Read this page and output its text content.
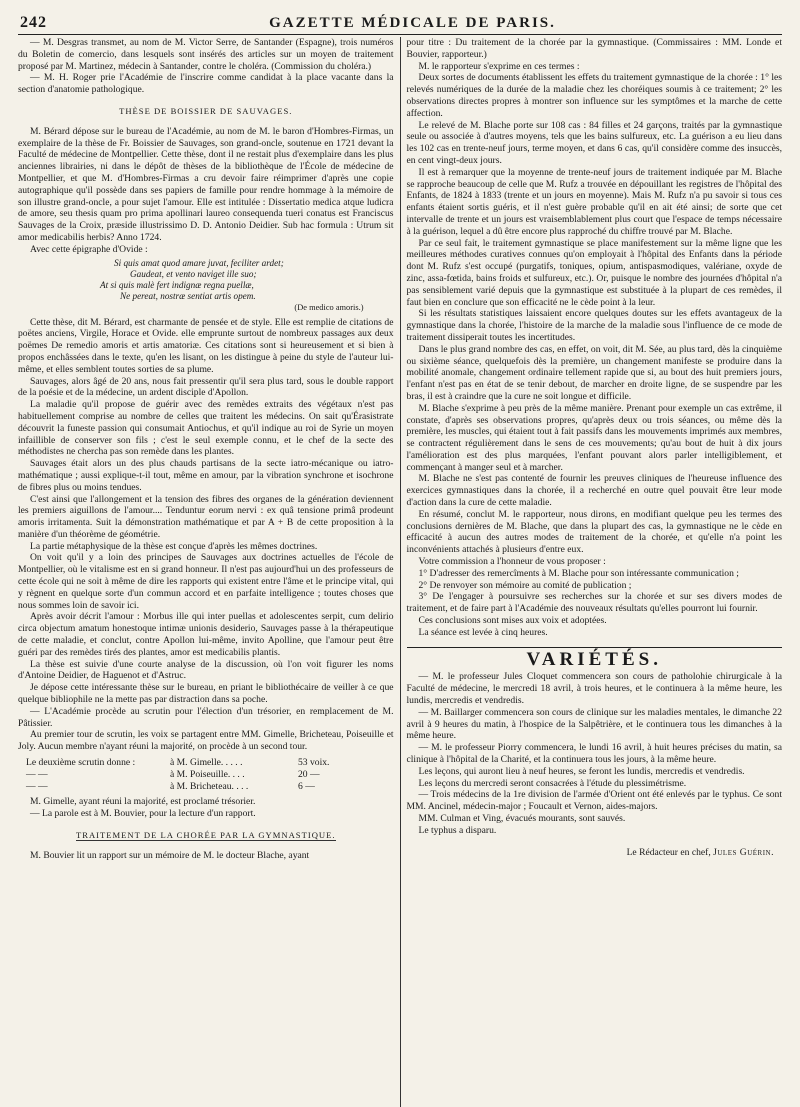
242	GAZETTE MÉDICALE DE PARIS.

— M. Desgras transmet, au nom de M. Victor Serre, de Santander (Espagne), trois numéros du Boletin de comercio, dans lesquels sont insérés des articles sur un moyen de traitement proposé par M. Martinez, médecin à Santander, contre le choléra. (Commission du choléra.)

— M. H. Roger prie l'Académie de l'inscrire comme candidat à la place vacante dans la section d'anatomie pathologique.

THÈSE DE BOISSIER DE SAUVAGES.

M. Bérard dépose sur le bureau de l'Académie, au nom de M. le baron d'Hombres-Firmas, un exemplaire de la thèse de Fr. Boissier de Sauvages, son grand-oncle, soutenue en 1721 devant la Faculté de médecine de Montpellier. Cette thèse, dont il ne restait plus d'exemplaire dans les plus anciennes librairies, ni dans le dépôt de thèses de la bibliothèque de l'École de médecine de Montpellier, et que M. d'Hombres-Firmas a cru devoir faire réimprimer d'après une copie autographique qu'il possède dans ses papiers de famille pour rendre hommage à la mémoire de son illustre grand-oncle, a pour sujet l'amour. Elle est intitulée : Dissertatio medica atque ludicra de amore, seu thesis quam pro prima apollinari laureo consequenda tueri conatus est Franciscus Sauvages de la Croix, præside illustrissimo D. D. Antonio Deidier. Sub hac formula : Utrum sit amor medicabilis herbis? Anno 1724.

Avec cette épigraphe d'Ovide :

Si quis amat quod amare juvat, feciliter ardet;
Gaudeat, et vento naviget ille suo;
At si quis malè fert indignæ regna puellæ,
Ne pereat, nostræ sentiat artis opem.
(De medico amoris.)

Cette thèse, dit M. Bérard, est charmante de pensée et de style. Elle est remplie de citations de poëtes anciens, Virgile, Horace et Ovide. elle emprunte surtout de nombreux passages aux deux poëmes De remedio amoris et artis amatoriæ. Ces citations sont si heureusement et si bien à propos enchâssées dans le texte, qu'en les lisant, on les distingue à peine du style de l'auteur lui-même, et elles semblent toutes sorties de sa plume.

Sauvages, alors âgé de 20 ans, nous fait pressentir qu'il sera plus tard, sous le double rapport de la poésie et de la médecine, un ardent disciple d'Apollon.

La maladie qu'il propose de guérir avec des remèdes extraits des végétaux n'est pas habituellement comprise au nombre de celles que traitent les médecins. On sait qu'Érasistrate découvrit la funeste passion qui consumait Antiochus, et qu'il indique au roi de Syrie un moyen infaillible de conserver son fils ; c'est le seul exemple connu, et le chef de la secte des méthodistes ne chercha pas son remède dans les plantes.

Sauvages était alors un des plus chauds partisans de la secte iatro-mécanique ou iatro-mathématique ; aussi explique-t-il tout, même en amour, par la vibration synchrone et isochrone de fibres plus ou moins tendues.

C'est ainsi que l'allongement et la tension des fibres des organes de la génération deviennent les premiers aiguillons de l'amour.... Tenduntur eorum nervi : ex quâ tensione primâ prodeunt amoris irritamenta. Suit la démonstration mathématique et par A + B de cette proposition à la manière d'un théorème de géométrie.

La partie métaphysique de la thèse est conçue d'après les mêmes doctrines.

On voit qu'il y a loin des principes de Sauvages aux doctrines actuelles de l'école de Montpellier, où le vitalisme est en si grand honneur. Il n'est pas aujourd'hui un des professeurs de cette école qui ne soit à même de dire les rapports qui existent entre l'âme et le principe vital, qui y règnent en quelque sorte d'un commun accord et en parfaite intelligence ; toutes choses que nous sommes loin de savoir ici.

Après avoir décrit l'amour : Morbus ille qui inter puellas et adolescentes serpit, cum delirio circa objectum amatum honestoque intimæ unionis desiderio, Sauvages passe à la thérapeutique de cette maladie, et conclut, contre Apollon lui-même, invito Apolline, que l'amour peut être guéri par des remèdes tirés des plantes, amor est medicabilis plantis.

La thèse est suivie d'une courte analyse de la discussion, où l'on voit figurer les noms d'Antoine Deidier, de Haguenot et d'Astruc.

Je dépose cette intéressante thèse sur le bureau, en priant le bibliothécaire de veiller à ce que quelque bibliophile ne la mette pas par distraction dans sa poche.

— L'Académie procède au scrutin pour l'élection d'un trésorier, en remplacement de M. Pâtissier.

Au premier tour de scrutin, les voix se partagent entre MM. Gimelle, Bricheteau, Poiseuille et Joly. Aucun membre n'ayant réuni la majorité, on procède à un second tour.

Le deuxième scrutin donne :	à M. Gimelle. . . . .	53 voix.
— —	à M. Poiseuille. . . .	20 —
— —	à M. Bricheteau. . . .	6 —

M. Gimelle, ayant réuni la majorité, est proclamé trésorier.

— La parole est à M. Bouvier, pour la lecture d'un rapport.

TRAITEMENT DE LA CHORÉE PAR LA GYMNASTIQUE.

M. Bouvier lit un rapport sur un mémoire de M. le docteur Blache, ayant

pour titre : Du traitement de la chorée par la gymnastique. (Commissaires : MM. Londe et Bouvier, rapporteur.)

M. le rapporteur s'exprime en ces termes :

Deux sortes de documents établissent les effets du traitement gymnastique de la chorée : 1° les relevés numériques de la durée de la maladie chez les choréiques soumis à ce traitement; 2° les observations directes propres à montrer son influence sur les symptômes et la marche de cette affection.

Le relevé de M. Blache porte sur 108 cas : 84 filles et 24 garçons, traités par la gymnastique seule ou associée à d'autres moyens, tels que les bains sulfureux, etc. La guérison a eu lieu dans les 102 cas en trente-neuf jours, terme moyen, et dans 6 cas, qu'il considère comme des insuccès, en cent vingt-deux jours.

Il est à remarquer que la moyenne de trente-neuf jours de traitement indiquée par M. Blache se rapproche beaucoup de celle que M. Rufz a trouvée en dépouillant les registres de l'hôpital des Enfants, de 1824 à 1833 (trente et un jours en moyenne). Mais M. Rufz n'a pu savoir si tous ces enfants étaient sortis guéris, et il n'est guère probable qu'il en ait été ainsi; de sorte que cet intervalle de trente et un jours est vraisemblablement plus court que l'espace de temps nécessaire à la guérison, lequel a dû être encore plus rapproché du chiffre trouvé par M. Blache.

Par ce seul fait, le traitement gymnastique se place manifestement sur la même ligne que les meilleures méthodes curatives connues qu'on employait à l'hôpital des Enfants dans la période dont M. Rufz s'est occupé (purgatifs, toniques, opium, antispasmodiques, valériane, oxyde de zinc, assa-fœtida, bains froids et sulfureux, etc.). Or, puisque le nombre des journées d'hôpital n'a pas sensiblement varié depuis que la gymnastique est substituée à la plupart de ces remèdes, il faut bien en conclure que son efficacité ne le cède point à la leur.

Si les résultats statistiques laissaient encore quelques doutes sur les effets avantageux de la gymnastique dans la chorée, l'histoire de la marche de la maladie sous l'influence de ce mode de traitement dissiperait toutes les incertitudes.

Dans le plus grand nombre des cas, en effet, on voit, dit M. Sée, au plus tard, dès la cinquième ou sixième séance, quelquefois dès la première, un changement manifeste se produire dans la mobilité anomale, changement ordinaire tellement rapide que si, au bout des huit premiers jours, l'enfant n'est pas en état de se tenir debout, de marcher en droite ligne, de se suspendre par les bras, il est à craindre que la cure ne soit longue et difficile.

M. Blache s'exprime à peu près de la même manière. Prenant pour exemple un cas extrême, il constate, d'après ses observations propres, qu'après deux ou trois séances, ou même dès la première, les muscles, qui étaient tout à fait passifs dans les mouvements imprimés aux membres, se contractent régulièrement dans le sens de ces mouvements; qu'au bout de huit à dix jours l'amélioration est des plus marquées, l'enfant pouvant alors parler intelligiblement, et commençant à manger seul et à marcher.

M. Blache ne s'est pas contenté de fournir les preuves cliniques de l'heureuse influence des exercices gymnastiques dans la chorée, il a recherché en outre quel pouvait être leur mode d'action dans la cure de cette maladie.

En résumé, conclut M. le rapporteur, nous dirons, en modifiant quelque peu les termes des conclusions dernières de M. Blache, que dans la plupart des cas, la gymnastique ne le cède en efficacité à aucun des autres modes de traitement de la chorée, et qu'elle n'a point les inconvénients attachés à plusieurs d'entre eux.

Votre commission a l'honneur de vous proposer :

1° D'adresser des remercîments à M. Blache pour son intéressante communication ;

2° De renvoyer son mémoire au comité de publication ;

3° De l'engager à poursuivre ses recherches sur la chorée et sur ses divers modes de traitement, et de faire part à l'Académie des nouveaux résultats qu'elles pourront lui fournir.

Ces conclusions sont mises aux voix et adoptées.

La séance est levée à cinq heures.

VARIÉTÉS.

— M. le professeur Jules Cloquet commencera son cours de patholohie chirurgicale à la Faculté de médecine, le mercredi 18 avril, à trois heures, et le continuera à la même heure, les lundis, mercredis et vendredis.

— M. Baillarger commencera son cours de clinique sur les maladies mentales, le dimanche 22 avril à 9 heures du matin, à l'hospice de la Salpêtrière, et le continuera tous les dimanches à la même heure.

— M. le professeur Piorry commencera, le lundi 16 avril, à huit heures précises du matin, sa clinique à l'hôpital de la Charité, et la continuera tous les jours, à la même heure.

Les leçons, qui auront lieu à neuf heures, se feront les lundis, mercredis et vendredis.

Les leçons du mercredi seront consacrées à l'étude du plessimétrisme.

— Trois médecins de la 1re division de l'armée d'Orient ont été enlevés par le typhus. Ce sont MM. Ancinel, médecin-major ; Foucault et Vernon, aides-majors.

MM. Culman et Ving, évacués mourants, sont sauvés.

Le typhus a disparu.

Le Rédacteur en chef, Jules Guérin.
